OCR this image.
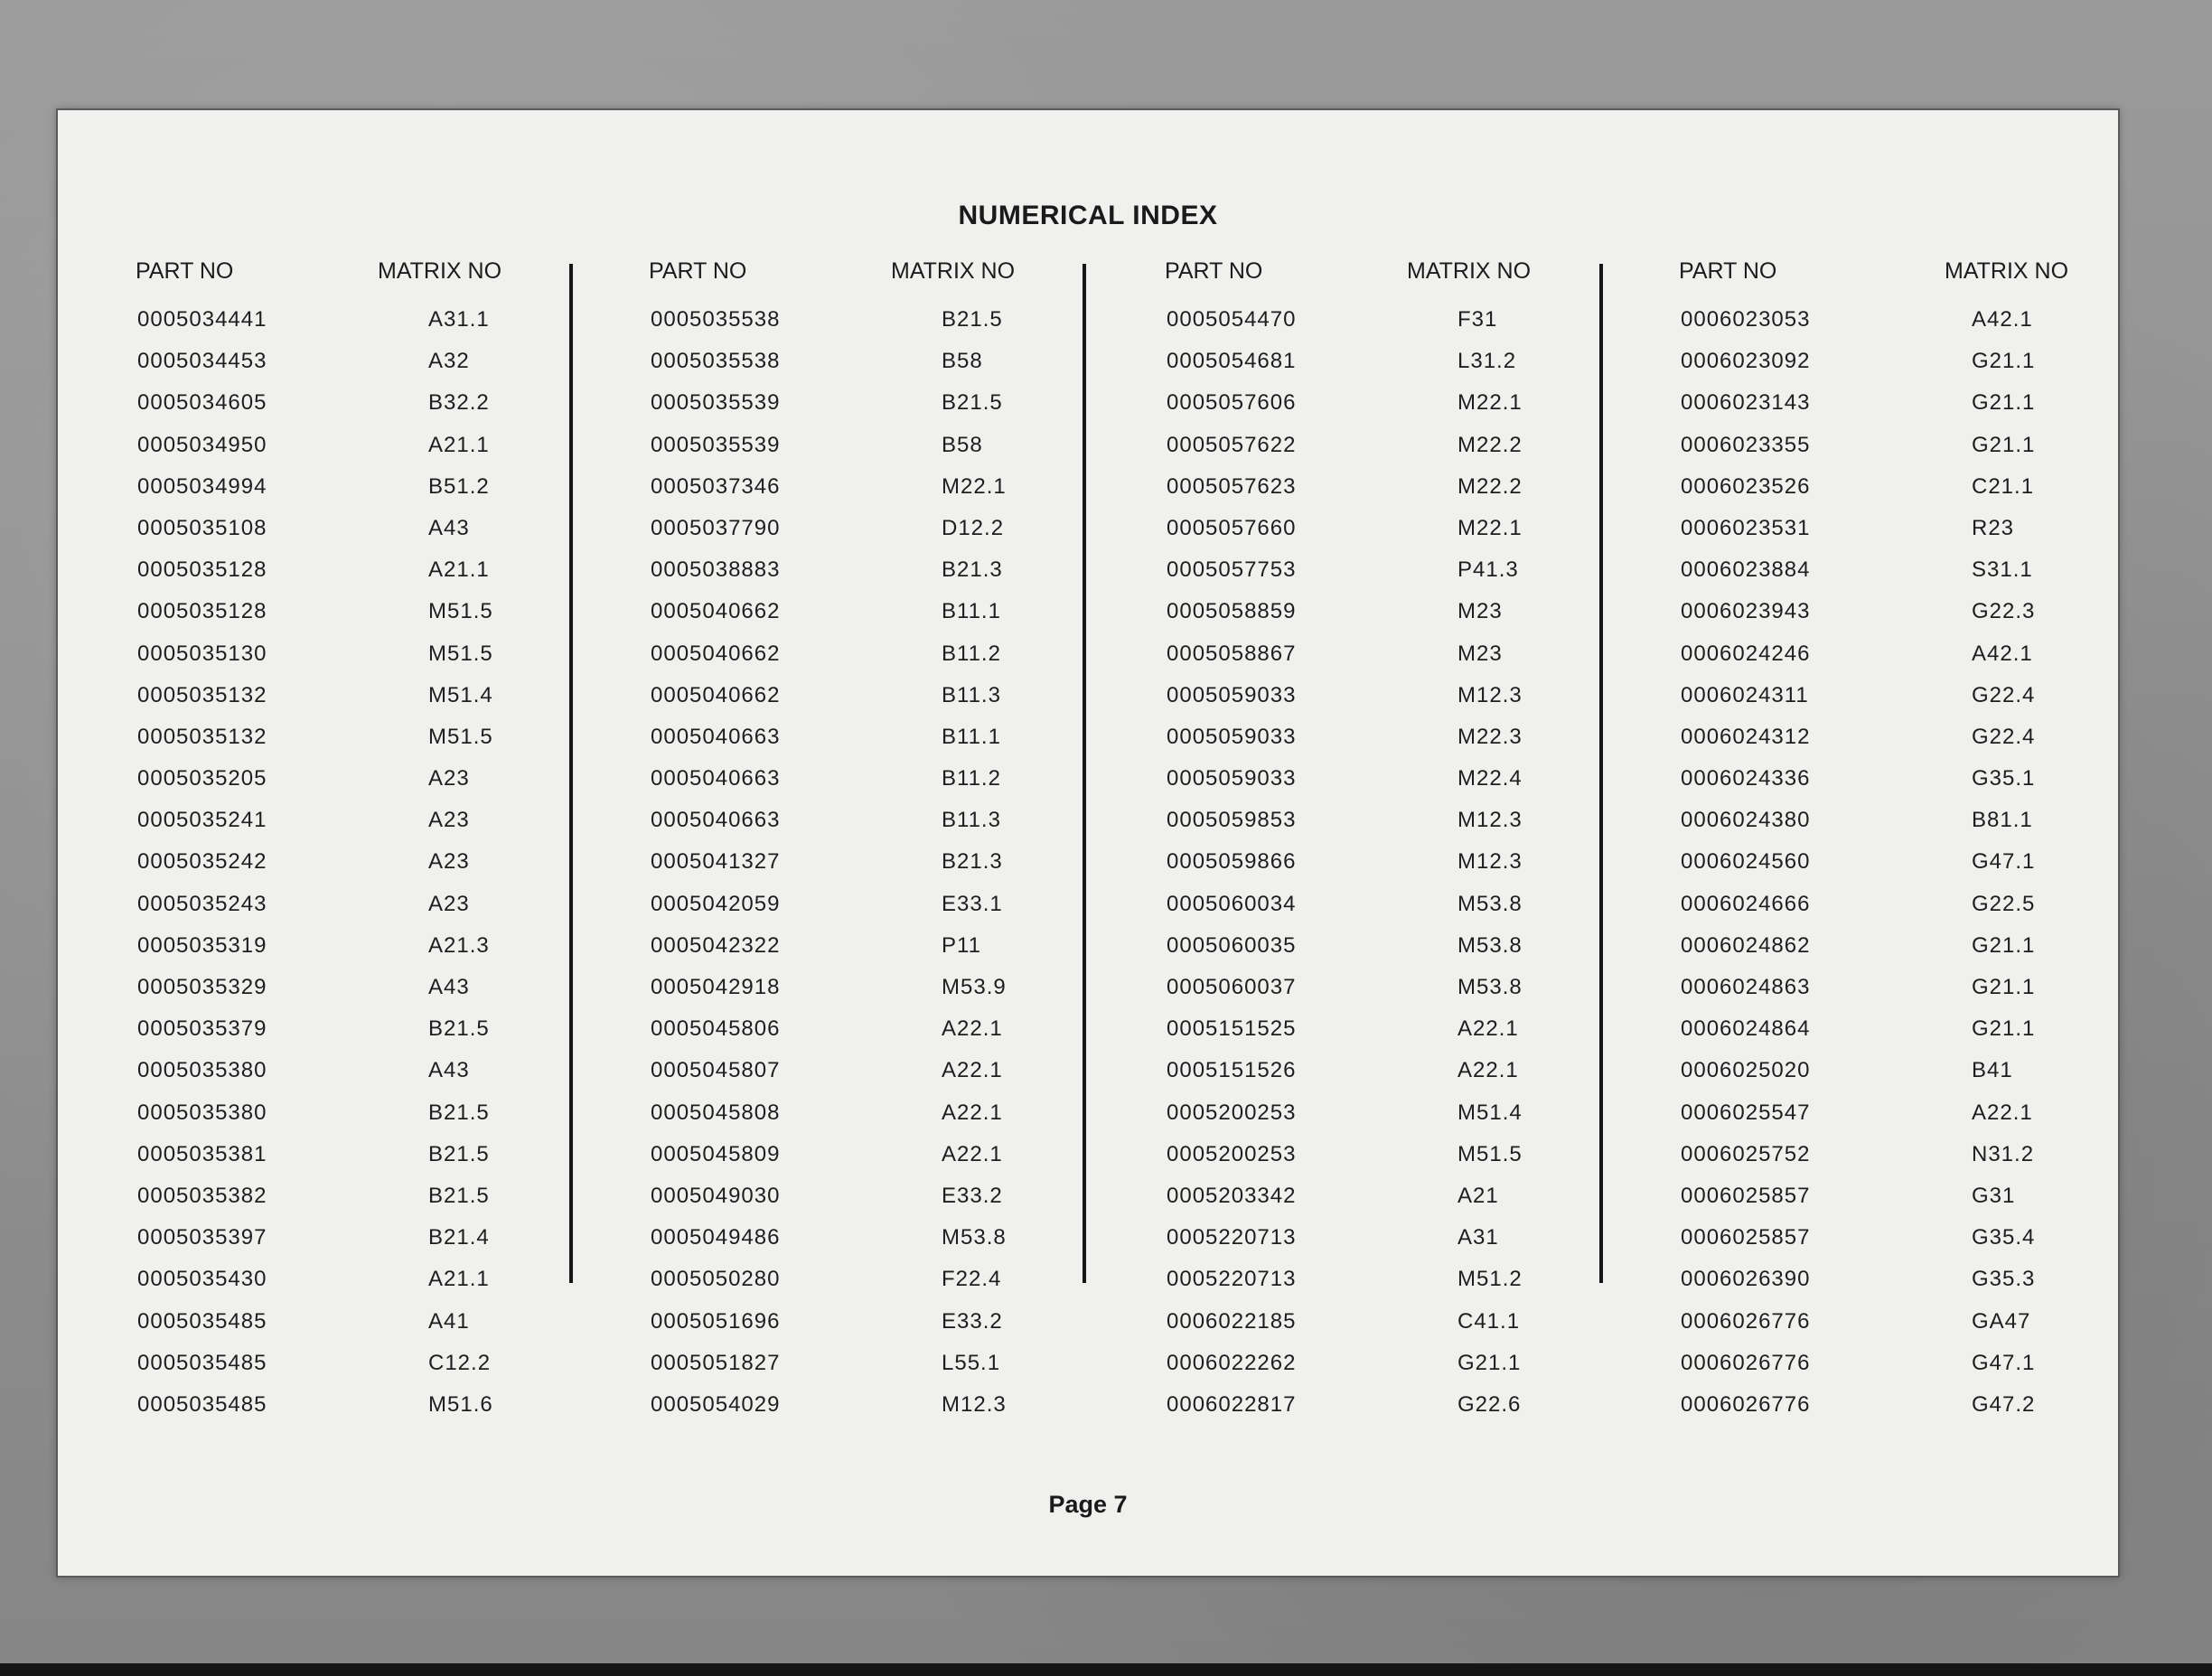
NUMERICAL INDEX
PART NO	MATRIX NO
0005034441	A31.1
0005034453	A32
0005034605	B32.2
0005034950	A21.1
0005034994	B51.2
0005035108	A43
0005035128	A21.1
0005035128	M51.5
0005035130	M51.5
0005035132	M51.4
0005035132	M51.5
0005035205	A23
0005035241	A23
0005035242	A23
0005035243	A23
0005035319	A21.3
0005035329	A43
0005035379	B21.5
0005035380	A43
0005035380	B21.5
0005035381	B21.5
0005035382	B21.5
0005035397	B21.4
0005035430	A21.1
0005035485	A41
0005035485	C12.2
0005035485	M51.6
PART NO	MATRIX NO
0005035538	B21.5
0005035538	B58
0005035539	B21.5
0005035539	B58
0005037346	M22.1
0005037790	D12.2
0005038883	B21.3
0005040662	B11.1
0005040662	B11.2
0005040662	B11.3
0005040663	B11.1
0005040663	B11.2
0005040663	B11.3
0005041327	B21.3
0005042059	E33.1
0005042322	P11
0005042918	M53.9
0005045806	A22.1
0005045807	A22.1
0005045808	A22.1
0005045809	A22.1
0005049030	E33.2
0005049486	M53.8
0005050280	F22.4
0005051696	E33.2
0005051827	L55.1
0005054029	M12.3
PART NO	MATRIX NO
0005054470	F31
0005054681	L31.2
0005057606	M22.1
0005057622	M22.2
0005057623	M22.2
0005057660	M22.1
0005057753	P41.3
0005058859	M23
0005058867	M23
0005059033	M12.3
0005059033	M22.3
0005059033	M22.4
0005059853	M12.3
0005059866	M12.3
0005060034	M53.8
0005060035	M53.8
0005060037	M53.8
0005151525	A22.1
0005151526	A22.1
0005200253	M51.4
0005200253	M51.5
0005203342	A21
0005220713	A31
0005220713	M51.2
0006022185	C41.1
0006022262	G21.1
0006022817	G22.6
PART NO	MATRIX NO
0006023053	A42.1
0006023092	G21.1
0006023143	G21.1
0006023355	G21.1
0006023526	C21.1
0006023531	R23
0006023884	S31.1
0006023943	G22.3
0006024246	A42.1
0006024311	G22.4
0006024312	G22.4
0006024336	G35.1
0006024380	B81.1
0006024560	G47.1
0006024666	G22.5
0006024862	G21.1
0006024863	G21.1
0006024864	G21.1
0006025020	B41
0006025547	A22.1
0006025752	N31.2
0006025857	G31
0006025857	G35.4
0006026390	G35.3
0006026776	GA47
0006026776	G47.1
0006026776	G47.2
Page 7
